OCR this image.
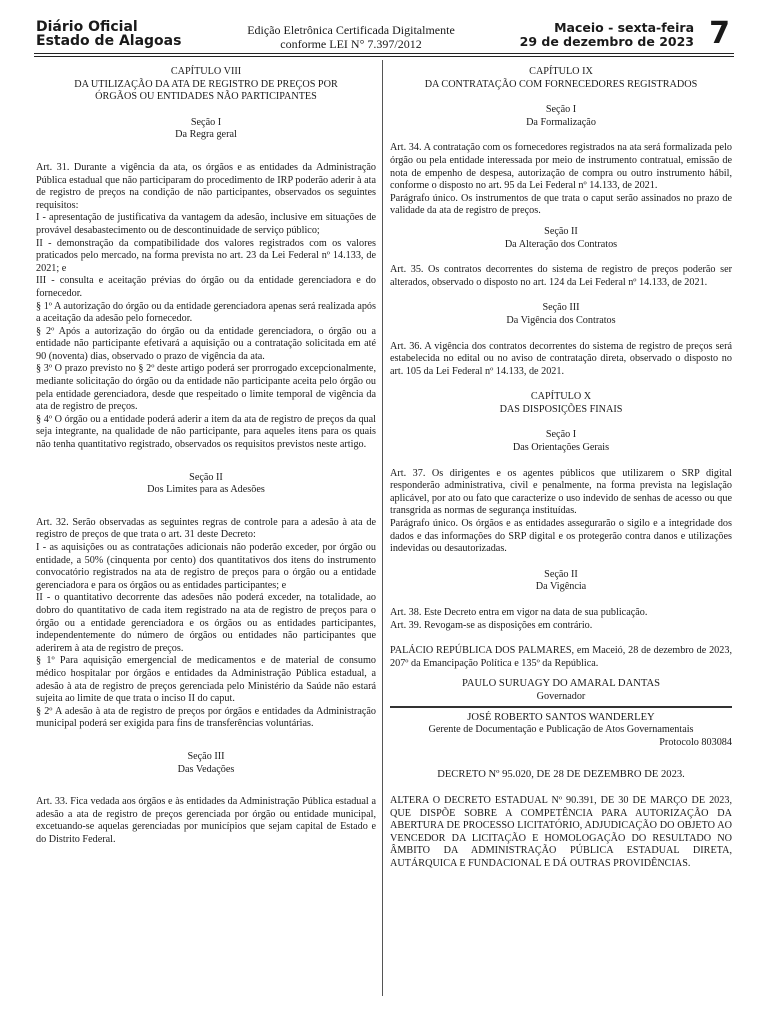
Diário Oficial
Estado de Alagoas
Edição Eletrônica Certificada Digitalmente
conforme LEI N° 7.397/2012
Maceio - sexta-feira
29 de dezembro de 2023 7

CAPÍTULO VIII

DA UTILIZAÇÃO DA ATA DE REGISTRO DE PREÇOS POR

ÓRGÃOS OU ENTIDADES NÃO PARTICIPANTES

Seção I

Da Regra geral

Art. 31. Durante a vigência da ata, os órgãos e as entidades da Administração Pública estadual que não participaram do procedimento de IRP poderão aderir à ata de registro de preços na condição de não participantes, observados os seguintes requisitos:

I - apresentação de justificativa da vantagem da adesão, inclusive em situações de provável desabastecimento ou de descontinuidade de serviço público;

II - demonstração da compatibilidade dos valores registrados com os valores praticados pelo mercado, na forma prevista no art. 23 da Lei Federal nº 14.133, de 2021; e

III - consulta e aceitação prévias do órgão ou da entidade gerenciadora e do fornecedor.

§ 1º A autorização do órgão ou da entidade gerenciadora apenas será realizada após a aceitação da adesão pelo fornecedor.

§ 2º Após a autorização do órgão ou da entidade gerenciadora, o órgão ou a entidade não participante efetivará a aquisição ou a contratação solicitada em até 90 (noventa) dias, observado o prazo de vigência da ata.

§ 3º O prazo previsto no § 2º deste artigo poderá ser prorrogado excepcionalmente, mediante solicitação do órgão ou da entidade não participante aceita pelo órgão ou pela entidade gerenciadora, desde que respeitado o limite temporal de vigência da ata de registro de preços.

§ 4º O órgão ou a entidade poderá aderir a item da ata de registro de preços da qual seja integrante, na qualidade de não participante, para aqueles itens para os quais não tenha quantitativo registrado, observados os requisitos previstos neste artigo.

Seção II

Dos Limites para as Adesões

Art. 32. Serão observadas as seguintes regras de controle para a adesão à ata de registro de preços de que trata o art. 31 deste Decreto:

I - as aquisições ou as contratações adicionais não poderão exceder, por órgão ou entidade, a 50% (cinquenta por cento) dos quantitativos dos itens do instrumento convocatório registrados na ata de registro de preços para o órgão ou a entidade gerenciadora e para os órgãos ou as entidades participantes; e

II - o quantitativo decorrente das adesões não poderá exceder, na totalidade, ao dobro do quantitativo de cada item registrado na ata de registro de preços para o órgão ou a entidade gerenciadora e os órgãos ou as entidades participantes, independentemente do número de órgãos ou entidades não participantes que aderirem à ata de registro de preços.

§ 1º Para aquisição emergencial de medicamentos e de material de consumo médico hospitalar por órgãos e entidades da Administração Pública estadual, a adesão à ata de registro de preços gerenciada pelo Ministério da Saúde não estará sujeita ao limite de que trata o inciso II do caput.

§ 2º A adesão à ata de registro de preços por órgãos e entidades da Administração municipal poderá ser exigida para fins de transferências voluntárias.

Seção III

Das Vedações

Art. 33. Fica vedada aos órgãos e às entidades da Administração Pública estadual a adesão a ata de registro de preços gerenciada por órgão ou entidade municipal, excetuando-se aquelas gerenciadas por municípios que sejam capital de Estado e do Distrito Federal.

CAPÍTULO IX

DA CONTRATAÇÃO COM FORNECEDORES REGISTRADOS

Seção I

Da Formalização

Art. 34. A contratação com os fornecedores registrados na ata será formalizada pelo órgão ou pela entidade interessada por meio de instrumento contratual, emissão de nota de empenho de despesa, autorização de compra ou outro instrumento hábil, conforme o disposto no art. 95 da Lei Federal nº 14.133, de 2021.

Parágrafo único. Os instrumentos de que trata o caput serão assinados no prazo de validade da ata de registro de preços.

Seção II

Da Alteração dos Contratos

Art. 35. Os contratos decorrentes do sistema de registro de preços poderão ser alterados, observado o disposto no art. 124 da Lei Federal nº 14.133, de 2021.

Seção III

Da Vigência dos Contratos

Art. 36. A vigência dos contratos decorrentes do sistema de registro de preços será estabelecida no edital ou no aviso de contratação direta, observado o disposto no art. 105 da Lei Federal nº 14.133, de 2021.

CAPÍTULO X

DAS DISPOSIÇÕES FINAIS

Seção I

Das Orientações Gerais

Art. 37. Os dirigentes e os agentes públicos que utilizarem o SRP digital responderão administrativa, civil e penalmente, na forma prevista na legislação aplicável, por ato ou fato que caracterize o uso indevido de senhas de acesso ou que transgrida as normas de segurança instituídas.

Parágrafo único. Os órgãos e as entidades assegurarão o sigilo e a integridade dos dados e das informações do SRP digital e os protegerão contra danos e utilizações indevidas ou desautorizadas.

Seção II

Da Vigência

Art. 38. Este Decreto entra em vigor na data de sua publicação.

Art. 39. Revogam-se as disposições em contrário.

PALÁCIO REPÚBLICA DOS PALMARES, em Maceió, 28 de dezembro de 2023, 207º da Emancipação Política e 135º da República.

PAULO SURUAGY DO AMARAL DANTAS

Governador

JOSÉ ROBERTO SANTOS WANDERLEY

Gerente de Documentação e Publicação de Atos Governamentais

Protocolo 803084

DECRETO Nº 95.020, DE 28 DE DEZEMBRO DE 2023.

ALTERA O DECRETO ESTADUAL Nº 90.391, DE 30 DE MARÇO DE 2023, QUE DISPÕE SOBRE A COMPETÊNCIA PARA AUTORIZAÇÃO DA ABERTURA DE PROCESSO LICITATÓRIO, ADJUDICAÇÃO DO OBJETO AO VENCEDOR DA LICITAÇÃO E HOMOLOGAÇÃO DO RESULTADO NO ÂMBITO DA ADMINISTRAÇÃO PÚBLICA ESTADUAL DIRETA, AUTÁRQUICA E FUNDACIONAL E DÁ OUTRAS PROVIDÊNCIAS.
